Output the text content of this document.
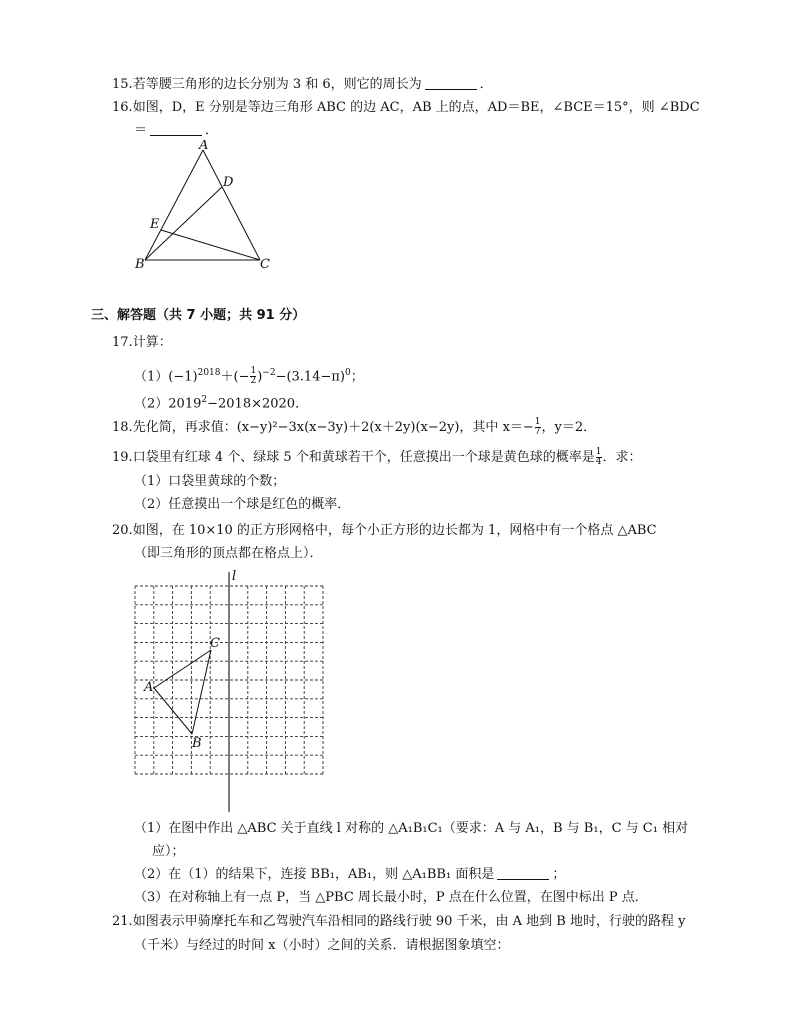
15.若等腰三角形的边长分别为 3 和 6，则它的周长为	．
16.如图，D，E 分别是等边三角形 ABC 的边 AC，AB 上的点，AD＝BE，∠BCE＝15°，则 ∠BDC
＝	．
A
D
E
B	C
三、解答题（共 7 小题；共 91 分）
17.计算：
$(1)(-1)^{2018}+(- \frac{1}{2} )^{-2}-(3.14-\pi)^0$；
$(2)2019^2-2018\times 2020$．
18.先化简，再求值：(x−y)²−3x(x−3y)＋2(x＋2y)(x−2y)，其中 $x=- \frac{1}{7}$ ，y＝2．
19.口袋里有红球 4 个、绿球 5 个和黄球若干个，任意摸出一个球是黄色球的概率是 $\frac{1}{4}$ ．求：
（1）口袋里黄球的个数；
（2）任意摸出一个球是红色的概率．
20.如图，在 10×10 的正方形网格中，每个小正方形的边长都为 1，网格中有一个格点 △ABC
（即三角形的顶点都在格点上）．
l
C
A
B
（1）在图中作出 △ABC 关于直线 l 对称的 △A₁B₁C₁（要求：A 与 A₁，B 与 B₁，C 与 C₁ 相对
应）；
（2）在（1）的结果下，连接 BB₁，AB₁，则 △A₁BB₁ 面积是	；
（3）在对称轴上有一点 P，当 △PBC 周长最小时，P 点在什么位置，在图中标出 P 点．
21.如图表示甲骑摩托车和乙驾驶汽车沿相同的路线行驶 90 千米，由 A 地到 B 地时，行驶的路程 y
（千米）与经过的时间 x（小时）之间的关系．请根据图象填空：
